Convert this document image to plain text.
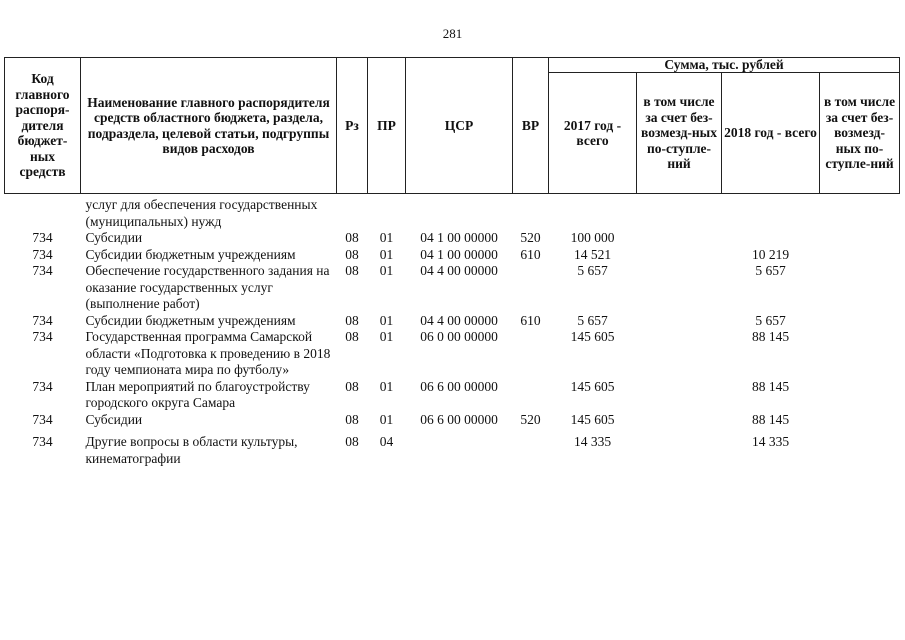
281
Код главного распоря-дителя бюджет-ных средств	Наименование главного распорядителя средств областного бюджета, раздела, подраздела, целевой статьи, подгруппы видов расходов	Рз	ПР	ЦСР	ВР	Сумма, тыс. рублей			
						2017 год - всего	в том числе за счет без-возмезд-ных по-ступле-ний	2018 год - всего	в том числе за счет без-возмезд-ных по-ступле-ний
	услуг для обеспечения государственных (муниципальных) нужд								
734	Субсидии	08	01	04 1 00 00000	520	100 000			
734	Субсидии бюджетным учреждениям	08	01	04 1 00 00000	610	14 521		10 219	
734	Обеспечение государственного задания на оказание государственных услуг (выполнение работ)	08	01	04 4 00 00000		5 657		5 657	
734	Субсидии бюджетным учреждениям	08	01	04 4 00 00000	610	5 657		5 657	
734	Государственная программа Самарской области «Подготовка к проведению в 2018 году чемпионата мира по футболу»	08	01	06 0 00 00000		145 605		88 145	
734	План мероприятий по благоустройству городского округа Самара	08	01	06 6 00 00000		145 605		88 145	
734	Субсидии	08	01	06 6 00 00000	520	145 605		88 145	
734	Другие вопросы в области культуры, кинематографии	08	04			14 335		14 335	
